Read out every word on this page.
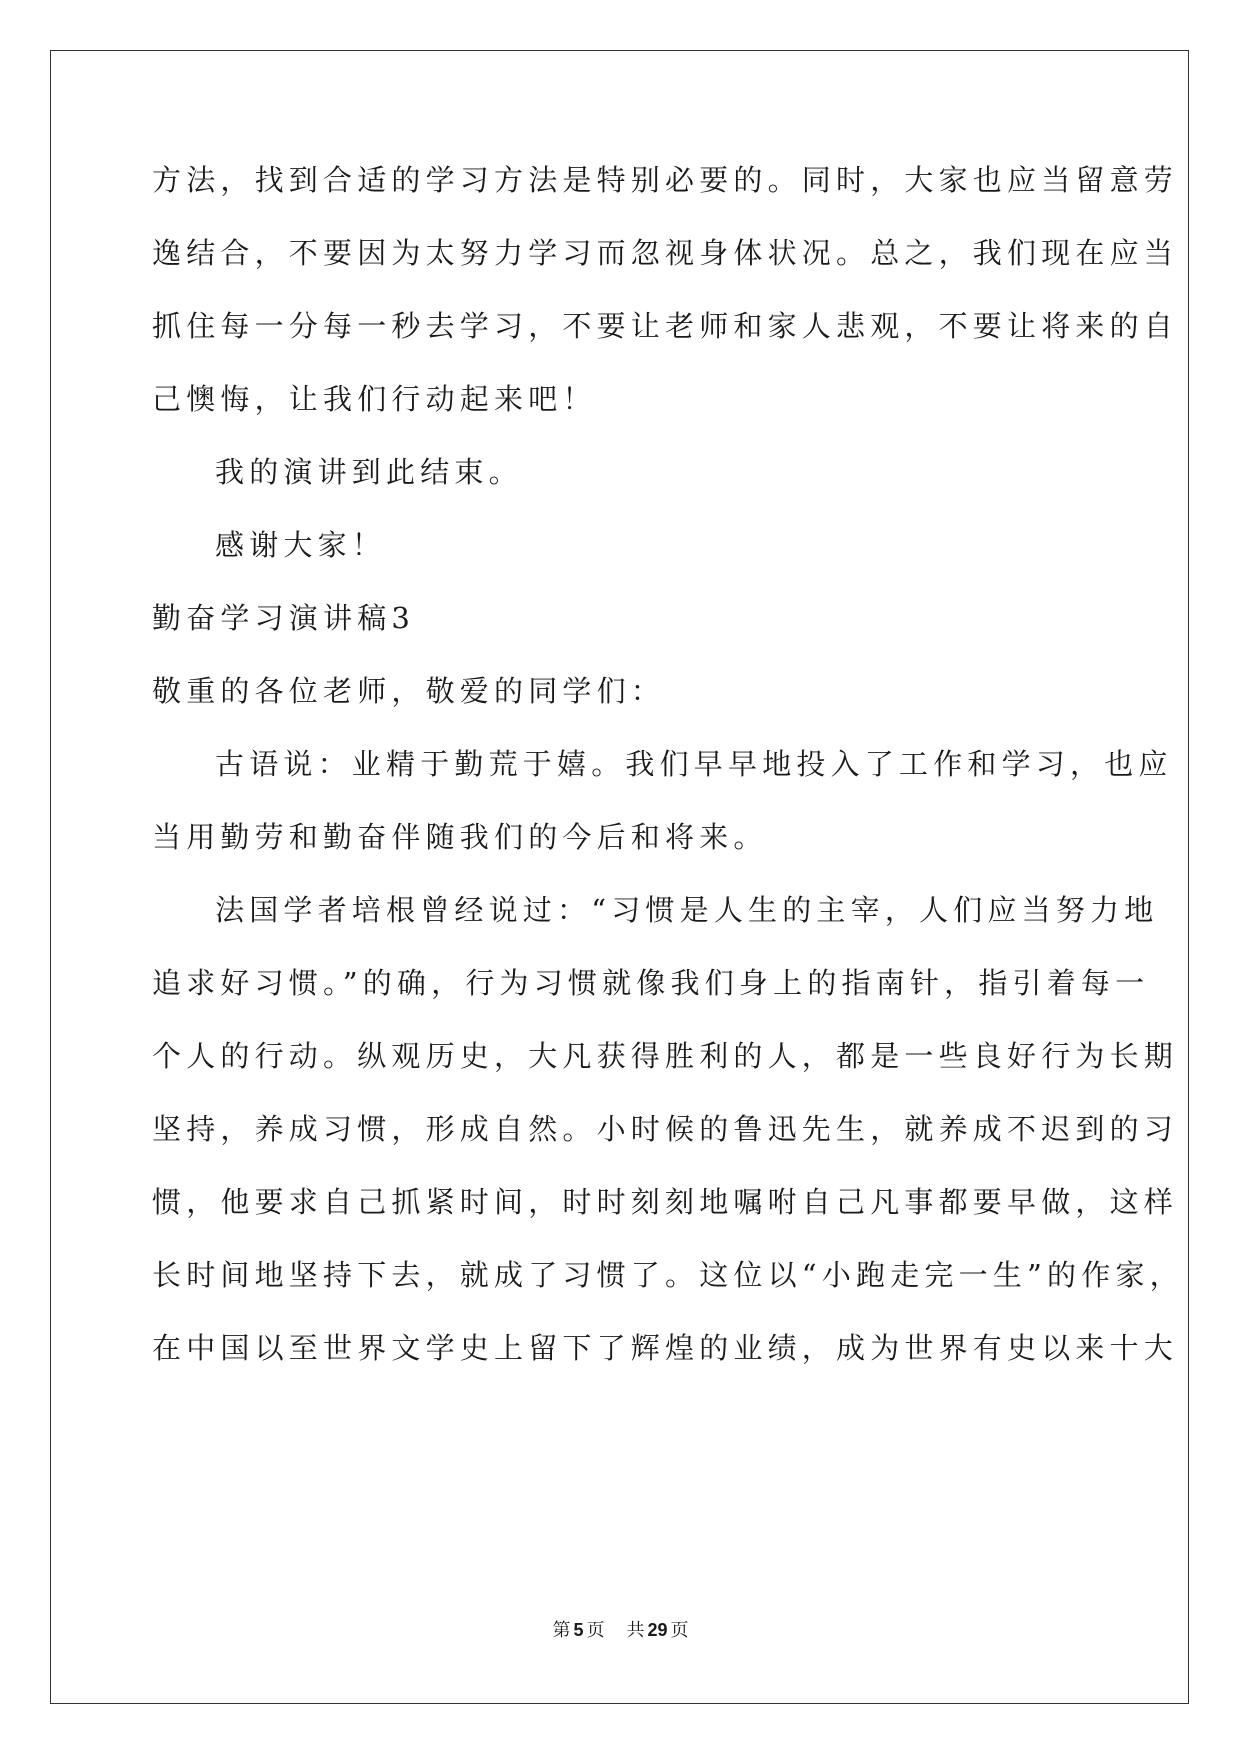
方法，找到合适的学习方法是特别必要的。同时，大家也应当留意劳
逸结合，不要因为太努力学习而忽视身体状况。总之，我们现在应当
抓住每一分每一秒去学习，不要让老师和家人悲观，不要让将来的自
己懊悔，让我们行动起来吧！
我的演讲到此结束。
感谢大家！
勤奋学习演讲稿3
敬重的各位老师，敬爱的同学们：
古语说：业精于勤荒于嬉。我们早早地投入了工作和学习，也应
当用勤劳和勤奋伴随我们的今后和将来。
法国学者培根曾经说过：“习惯是人生的主宰，人们应当努力地
追求好习惯。”的确，行为习惯就像我们身上的指南针，指引着每一
个人的行动。纵观历史，大凡获得胜利的人，都是一些良好行为长期
坚持，养成习惯，形成自然。小时候的鲁迅先生，就养成不迟到的习
惯，他要求自己抓紧时间，时时刻刻地嘱咐自己凡事都要早做，这样
长时间地坚持下去，就成了习惯了。这位以“小跑走完一生”的作家，
在中国以至世界文学史上留下了辉煌的业绩，成为世界有史以来十大
第 5 页 共 29 页
